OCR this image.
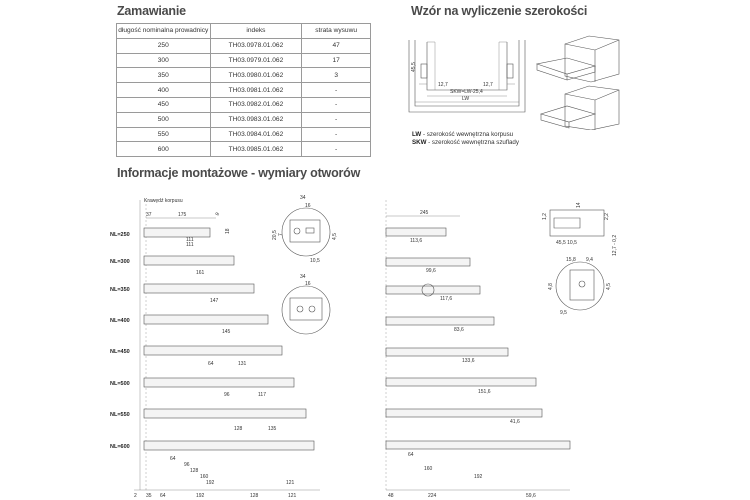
Zamawianie
długość nominalna prowadnicy	indeks	strata wysuwu
250	TH03.0978.01.062	47
300	TH03.0979.01.062	17
350	TH03.0980.01.062	3
400	TH03.0981.01.062	-
450	TH03.0982.01.062	-
500	TH03.0983.01.062	-
550	TH03.0984.01.062	-
600	TH03.0985.01.062	-
Wzór na wyliczenie szerokości
45,5
12,7	12,7
SKW=LW-25,4
LW
LW - szerokość wewnętrzna korpusu
SKW - szerokość wewnętrzna szuflady
Informacje montażowe - wymiary otworów
Krawędź korpusu
37	175
111
9
18
34
16
20,5 7	4,5
10,5
34
16
NL=250
111
NL=300
161
NL=350
147
NL=400
145
NL=450
64	131
NL=500
96	117
NL=550
128	135
NL=600
64
96
128
160
192	121
2 35 64	192	128	121
245
113,6
99,6
117,6
83,6
133,6
151,6
41,6
48
64
160
192
224	59,6
45,5 10,5
1,2
14
12,7 - 0,2
2,2
15,8 9,4
4,8
9,5
4,5
